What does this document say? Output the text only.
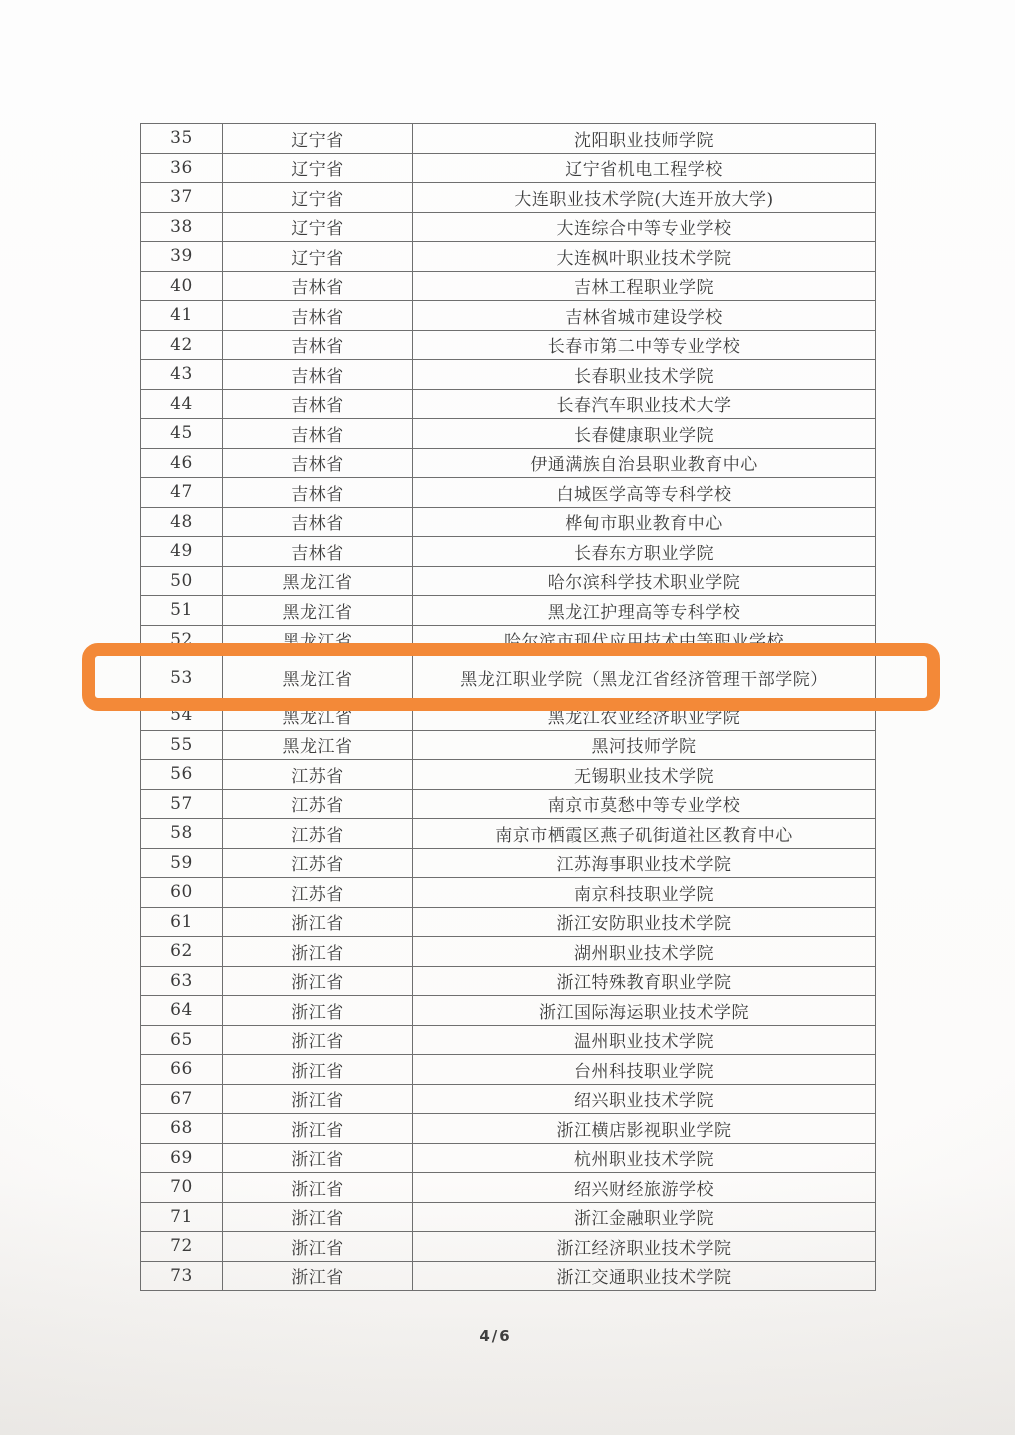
35	辽宁省	沈阳职业技师学院
36	辽宁省	辽宁省机电工程学校
37	辽宁省	大连职业技术学院(大连开放大学)
38	辽宁省	大连综合中等专业学校
39	辽宁省	大连枫叶职业技术学院
40	吉林省	吉林工程职业学院
41	吉林省	吉林省城市建设学校
42	吉林省	长春市第二中等专业学校
43	吉林省	长春职业技术学院
44	吉林省	长春汽车职业技术大学
45	吉林省	长春健康职业学院
46	吉林省	伊通满族自治县职业教育中心
47	吉林省	白城医学高等专科学校
48	吉林省	桦甸市职业教育中心
49	吉林省	长春东方职业学院
50	黑龙江省	哈尔滨科学技术职业学院
51	黑龙江省	黑龙江护理高等专科学校
52	黑龙江省	哈尔滨市现代应用技术中等职业学校
53	黑龙江省	黑龙江职业学院（黑龙江省经济管理干部学院）
54	黑龙江省	黑龙江农业经济职业学院
55	黑龙江省	黑河技师学院
56	江苏省	无锡职业技术学院
57	江苏省	南京市莫愁中等专业学校
58	江苏省	南京市栖霞区燕子矶街道社区教育中心
59	江苏省	江苏海事职业技术学院
60	江苏省	南京科技职业学院
61	浙江省	浙江安防职业技术学院
62	浙江省	湖州职业技术学院
63	浙江省	浙江特殊教育职业学院
64	浙江省	浙江国际海运职业技术学院
65	浙江省	温州职业技术学院
66	浙江省	台州科技职业学院
67	浙江省	绍兴职业技术学院
68	浙江省	浙江横店影视职业学院
69	浙江省	杭州职业技术学院
70	浙江省	绍兴财经旅游学校
71	浙江省	浙江金融职业学院
72	浙江省	浙江经济职业技术学院
73	浙江省	浙江交通职业技术学院
4/6
